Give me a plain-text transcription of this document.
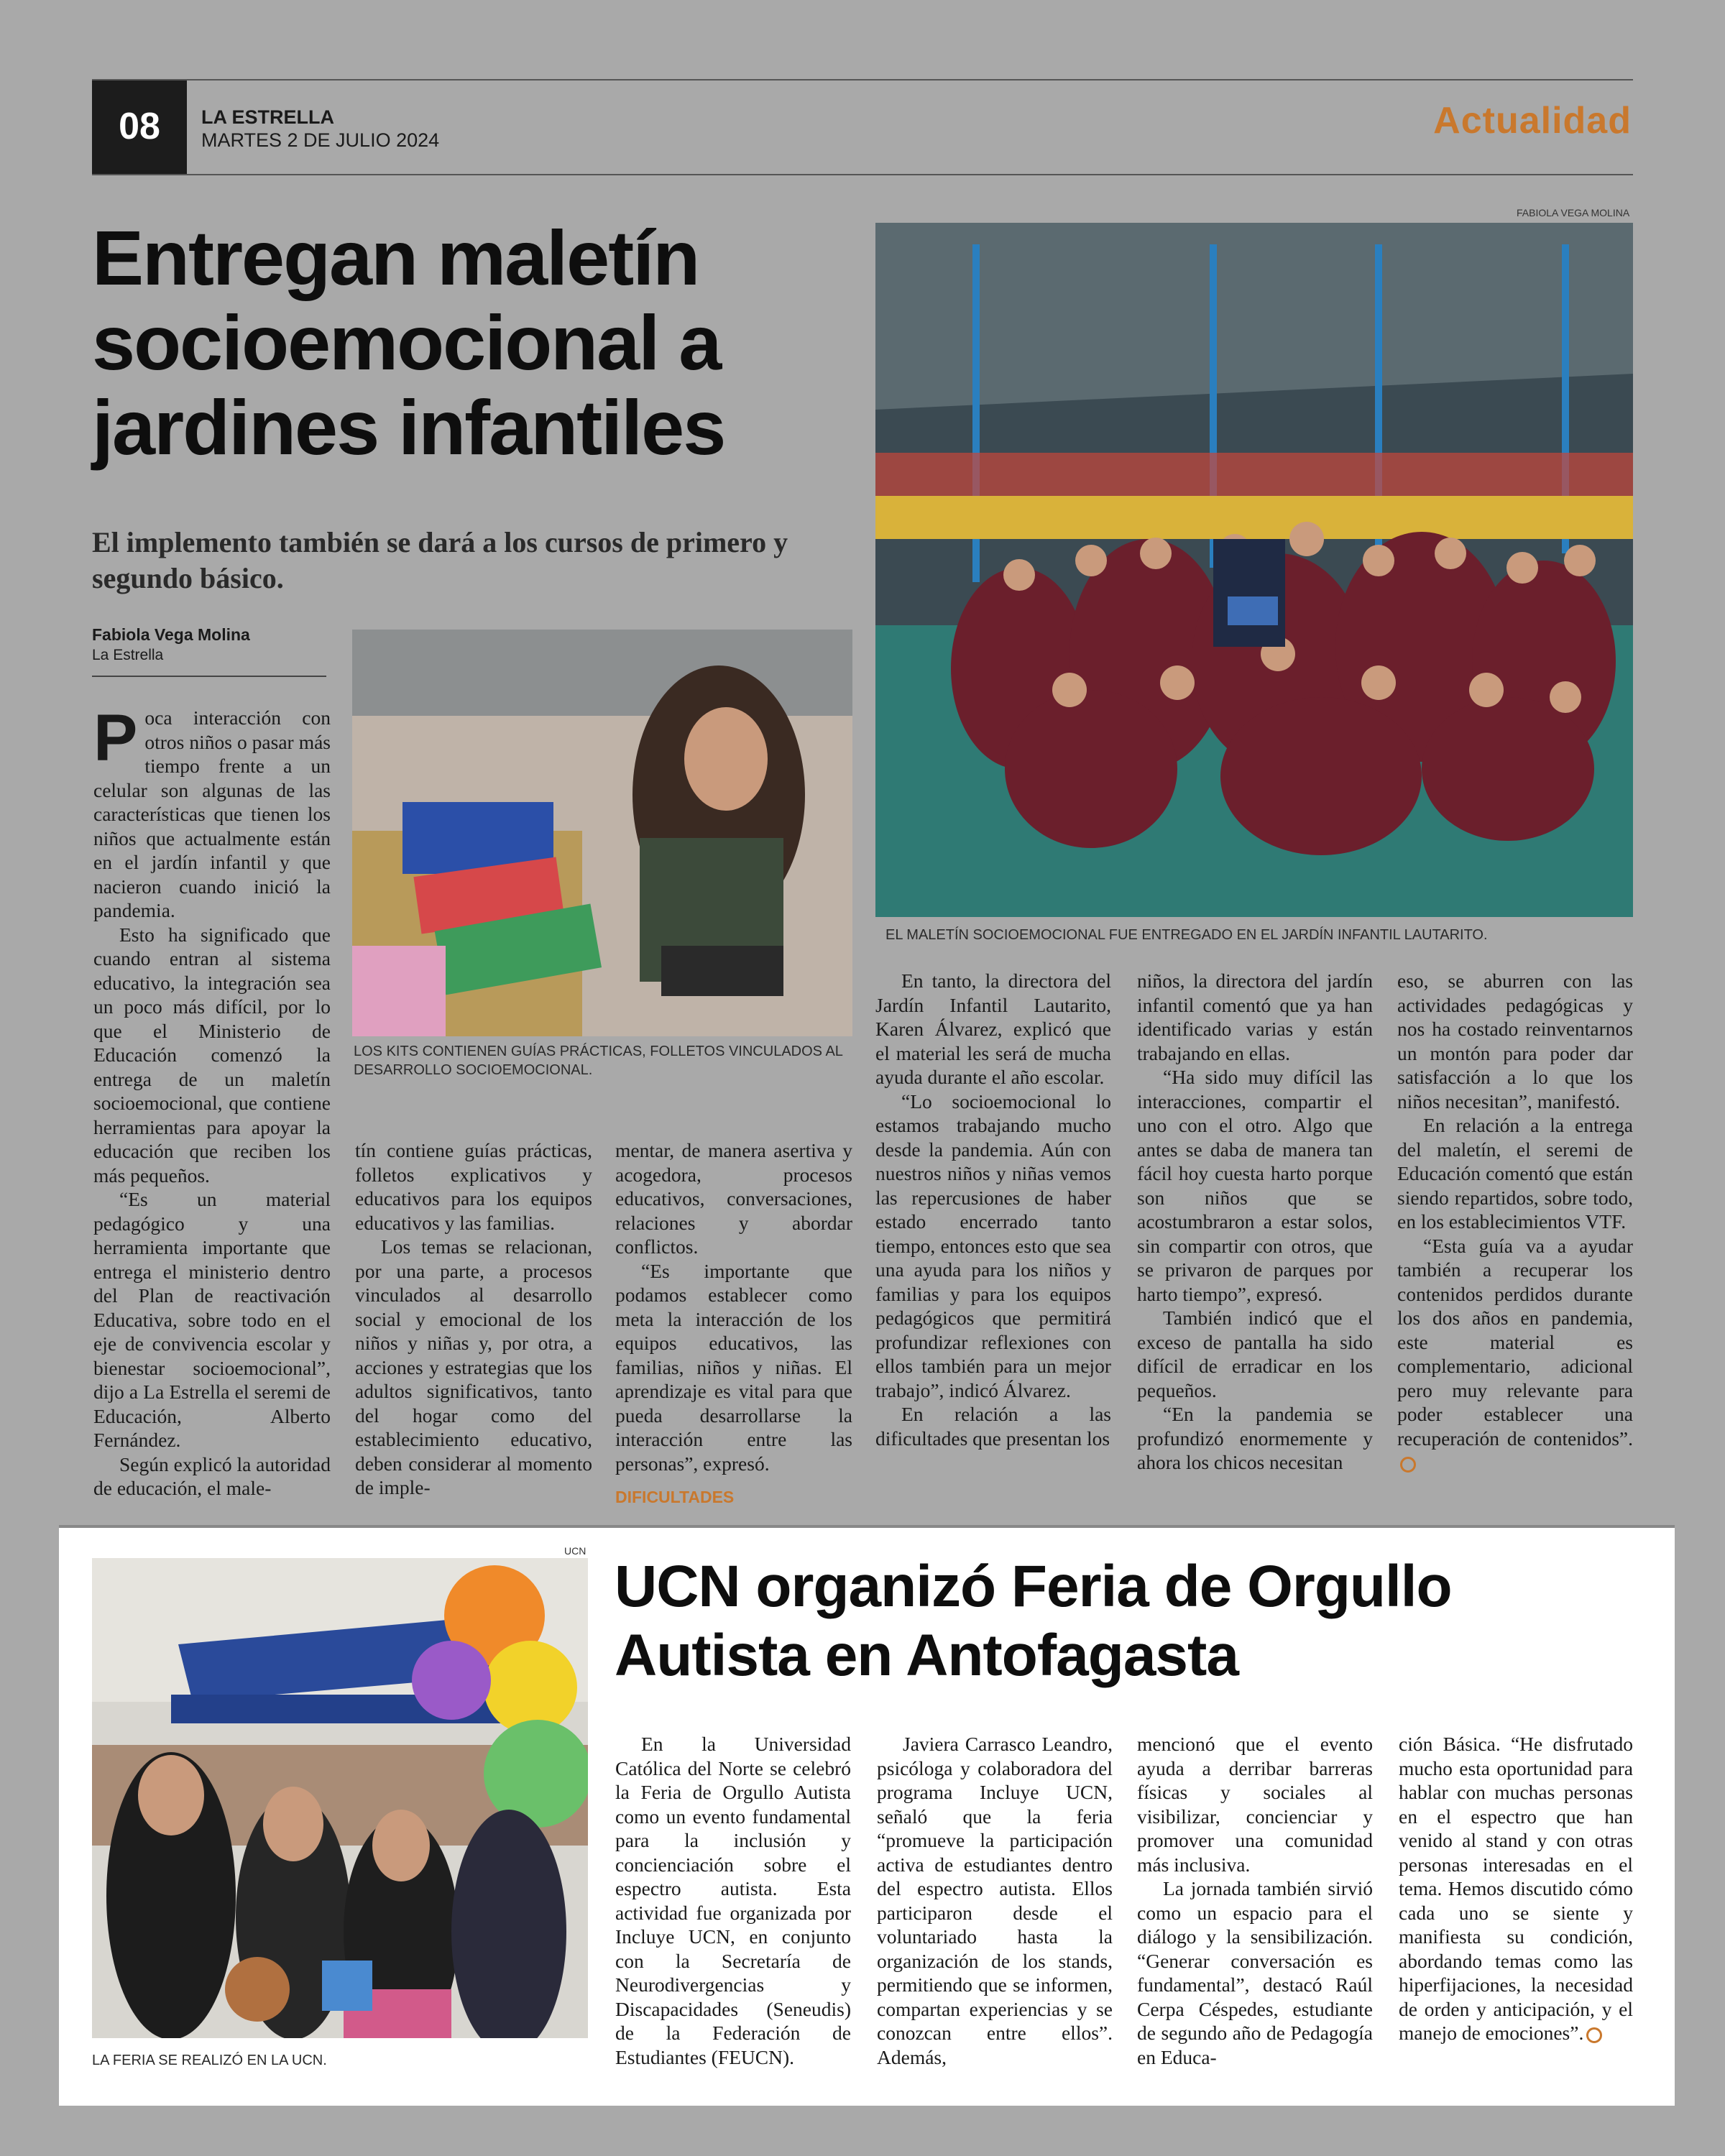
08	LA ESTRELLA
MARTES 2 DE JULIO 2024	Actualidad
Entregan maletín
socioemocional a
jardines infantiles
El implemento también se dará a los cursos de primero y segundo básico.
Fabiola Vega Molina
La Estrella
FABIOLA VEGA MOLINA
EL MALETÍN SOCIOEMOCIONAL FUE ENTREGADO EN EL JARDÍN INFANTIL LAUTARITO.
LOS KITS CONTIENEN GUÍAS PRÁCTICAS, FOLLETOS VINCULADOS AL DESARROLLO SOCIOEMOCIONAL.

Poca interacción con otros niños o pasar más tiempo frente a un celular son algunas de las características que tienen los niños que actualmente están en el jardín infantil y que nacieron cuando inició la pandemia.

Esto ha significado que cuando entran al sistema educativo, la integración sea un poco más difícil, por lo que el Ministerio de Educación comenzó la entrega de un maletín socioemocional, que contiene herramientas para apoyar la educación que reciben los más pequeños.

“Es un material pedagógico y una herramienta importante que entrega el ministerio dentro del Plan de reactivación Educativa, sobre todo en el eje de convivencia escolar y bienestar socioemocional”, dijo a La Estrella el seremi de Educación, Alberto Fernández.

Según explicó la autoridad de educación, el male-

tín contiene guías prácticas, folletos explicativos y educativos para los equipos educativos y las familias.

Los temas se relacionan, por una parte, a procesos vinculados al desarrollo social y emocional de los niños y niñas y, por otra, a acciones y estrategias que los adultos significativos, tanto del hogar como del establecimiento educativo, deben considerar al momento de imple-

mentar, de manera asertiva y acogedora, procesos educativos, conversaciones, relaciones y abordar conflictos.

“Es importante que podamos establecer como meta la interacción de los equipos educativos, las familias, niños y niñas. El aprendizaje es vital para que pueda desarrollarse la interacción entre las personas”, expresó.

DIFICULTADES

En tanto, la directora del Jardín Infantil Lautarito, Karen Álvarez, explicó que el material les será de mucha ayuda durante el año escolar.

“Lo socioemocional lo estamos trabajando mucho desde la pandemia. Aún con nuestros niños y niñas vemos las repercusiones de haber estado encerrado tanto tiempo, entonces esto que sea una ayuda para los niños y familias y para los equipos pedagógicos que permitirá profundizar reflexiones con ellos también para un mejor trabajo”, indicó Álvarez.

En relación a las dificultades que presentan los

niños, la directora del jardín infantil comentó que ya han identificado varias y están trabajando en ellas.

“Ha sido muy difícil las interacciones, compartir el uno con el otro. Algo que antes se daba de manera tan fácil hoy cuesta harto porque son niños que se acostumbraron a estar solos, sin compartir con otros, que se privaron de parques por harto tiempo”, expresó.

También indicó que el exceso de pantalla ha sido difícil de erradicar en los pequeños.

“En la pandemia se profundizó enormemente y ahora los chicos necesitan

eso, se aburren con las actividades pedagógicas y nos ha costado reinventarnos un montón para poder dar satisfacción a lo que los niños necesitan”, manifestó.

En relación a la entrega del maletín, el seremi de Educación comentó que están siendo repartidos, sobre todo, en los establecimientos VTF.

“Esta guía va a ayudar también a recuperar los contenidos perdidos durante los dos años en pandemia, este material es complementario, adicional pero muy relevante para poder establecer una recuperación de contenidos”.

UCN
LA FERIA SE REALIZÓ EN LA UCN.
UCN organizó Feria de Orgullo
Autista en Antofagasta

En la Universidad Católica del Norte se celebró la Feria de Orgullo Autista como un evento fundamental para la inclusión y concienciación sobre el espectro autista. Esta actividad fue organizada por Incluye UCN, en conjunto con la Secretaría de Neurodivergencias y Discapacidades (Seneudis) de la Federación de Estudiantes (FEUCN).

Javiera Carrasco Leandro, psicóloga y colaboradora del programa Incluye UCN, señaló que la feria “promueve la participación activa de estudiantes dentro del espectro autista. Ellos participaron desde el voluntariado hasta la organización de los stands, permitiendo que se informen, compartan experiencias y se conozcan entre ellos”. Además,

mencionó que el evento ayuda a derribar barreras físicas y sociales al visibilizar, concienciar y promover una comunidad más inclusiva.

La jornada también sirvió como un espacio para el diálogo y la sensibilización. “Generar conversación es fundamental”, destacó Raúl Cerpa Céspedes, estudiante de segundo año de Pedagogía en Educa-

ción Básica. “He disfrutado mucho esta oportunidad para hablar con muchas personas en el espectro que han venido al stand y con otras personas interesadas en el tema. Hemos discutido cómo cada uno se siente y manifiesta su condición, abordando temas como las hiperfijaciones, la necesidad de orden y anticipación, y el manejo de emociones”.
